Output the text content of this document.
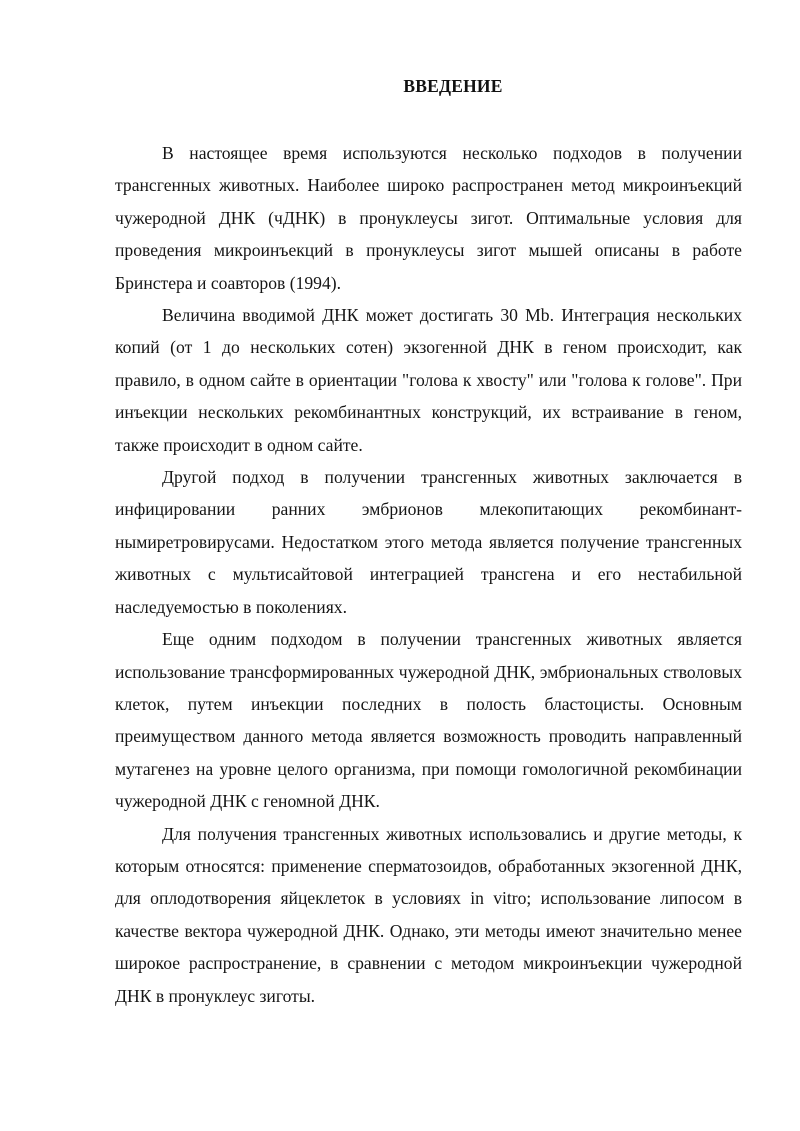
ВВЕДЕНИЕ

В настоящее время используются несколько подходов в получении трансгенных животных. Наиболее широко распространен метод микроинъекций чужеродной ДНК (чДНК) в пронуклеусы зигот. Оптимальные условия для проведения микроинъекций в пронуклеусы зигот мышей описаны в работе Бринстера и соавторов (1994).

Величина вводимой ДНК может достигать 30 Mb. Интеграция нескольких копий (от 1 до нескольких сотен) экзогенной ДНК в геном происходит, как правило, в одном сайте в ориентации "голова к хвосту" или "голова к голове". При инъекции нескольких рекомбинантных конструкций, их встраивание в геном, также происходит в одном сайте.

Другой подход в получении трансгенных животных заключается в инфицировании ранних эмбрионов млекопитающих рекомбинант-нымиретровирусами. Недостатком этого метода является получение трансгенных животных с мультисайтовой интеграцией трансгена и его нестабильной наследуемостью в поколениях.

Еще одним подходом в получении трансгенных животных является использование трансформированных чужеродной ДНК, эмбриональных стволовых клеток, путем инъекции последних в полость бластоцисты. Основным преимуществом данного метода является возможность проводить направленный мутагенез на уровне целого организма, при помощи гомологичной рекомбинации чужеродной ДНК с геномной ДНК.

Для получения трансгенных животных использовались и другие методы, к которым относятся: применение сперматозоидов, обработанных экзогенной ДНК, для оплодотворения яйцеклеток в условиях in vitro; использование липосом в качестве вектора чужеродной ДНК. Однако, эти методы имеют значительно менее широкое распространение, в сравнении с методом микроинъекции чужеродной ДНК в пронуклеус зиготы.
